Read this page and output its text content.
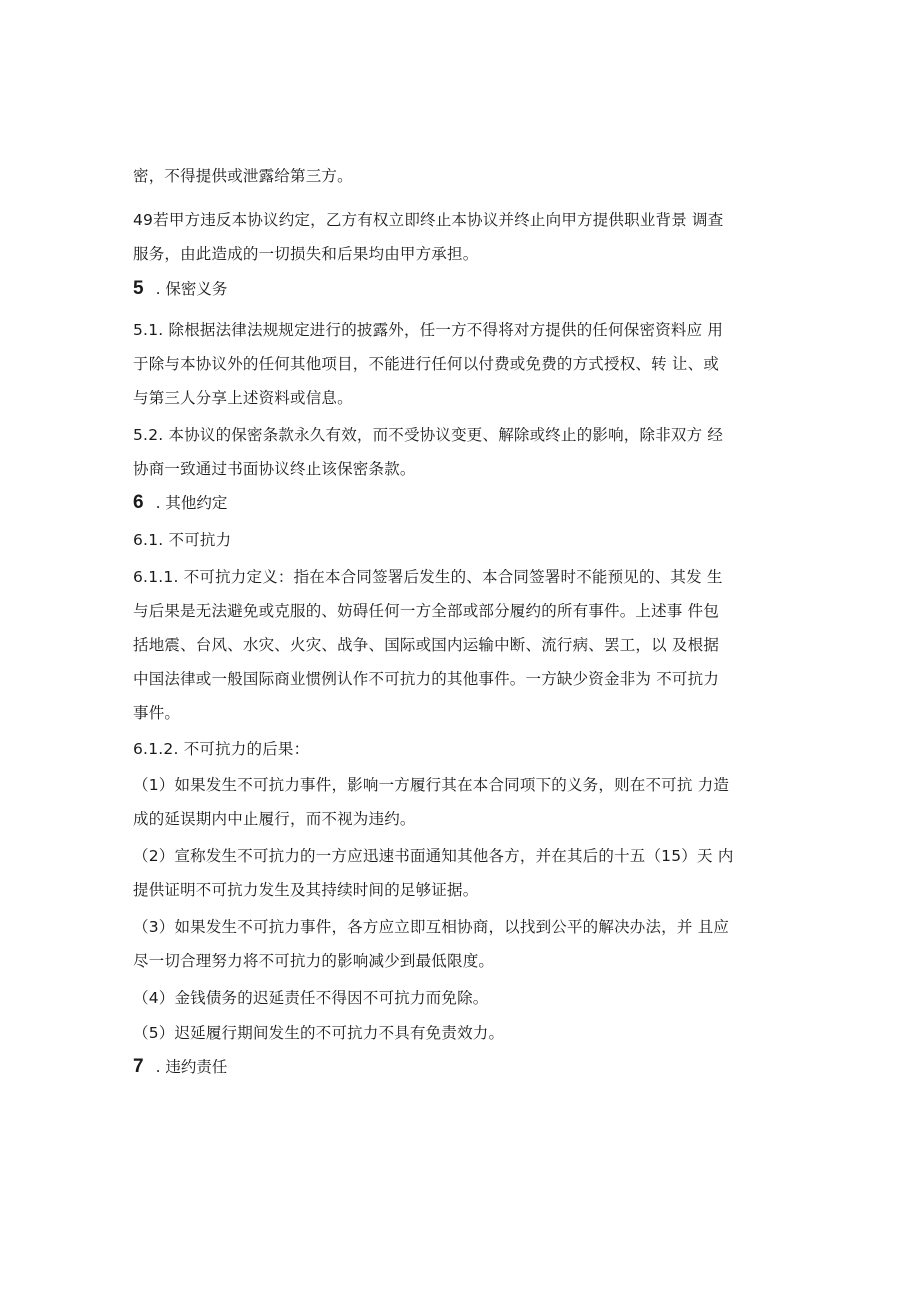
密，不得提供或泄露给第三方。
49若甲方违反本协议约定，乙方有权立即终止本协议并终止向甲方提供职业背景 调查
服务，由此造成的一切损失和后果均由甲方承担。
5 . 保密义务
5.1. 除根据法律法规规定进行的披露外，任一方不得将对方提供的任何保密资料应 用
于除与本协议外的任何其他项目，不能进行任何以付费或免费的方式授权、转 让、或
与第三人分享上述资料或信息。
5.2. 本协议的保密条款永久有效，而不受协议变更、解除或终止的影响，除非双方 经
协商一致通过书面协议终止该保密条款。
6 . 其他约定
6.1. 不可抗力
6.1.1. 不可抗力定义：指在本合同签署后发生的、本合同签署时不能预见的、其发 生
与后果是无法避免或克服的、妨碍任何一方全部或部分履约的所有事件。上述事 件包
括地震、台风、水灾、火灾、战争、国际或国内运输中断、流行病、罢工，以 及根据
中国法律或一般国际商业惯例认作不可抗力的其他事件。一方缺少资金非为 不可抗力
事件。
6.1.2. 不可抗力的后果：
（1）如果发生不可抗力事件，影响一方履行其在本合同项下的义务，则在不可抗 力造
成的延误期内中止履行，而不视为违约。
（2）宣称发生不可抗力的一方应迅速书面通知其他各方，并在其后的十五（15）天 内
提供证明不可抗力发生及其持续时间的足够证据。
（3）如果发生不可抗力事件，各方应立即互相协商，以找到公平的解决办法，并 且应
尽一切合理努力将不可抗力的影响减少到最低限度。
（4）金钱债务的迟延责任不得因不可抗力而免除。
（5）迟延履行期间发生的不可抗力不具有免责效力。
7 . 违约责任
